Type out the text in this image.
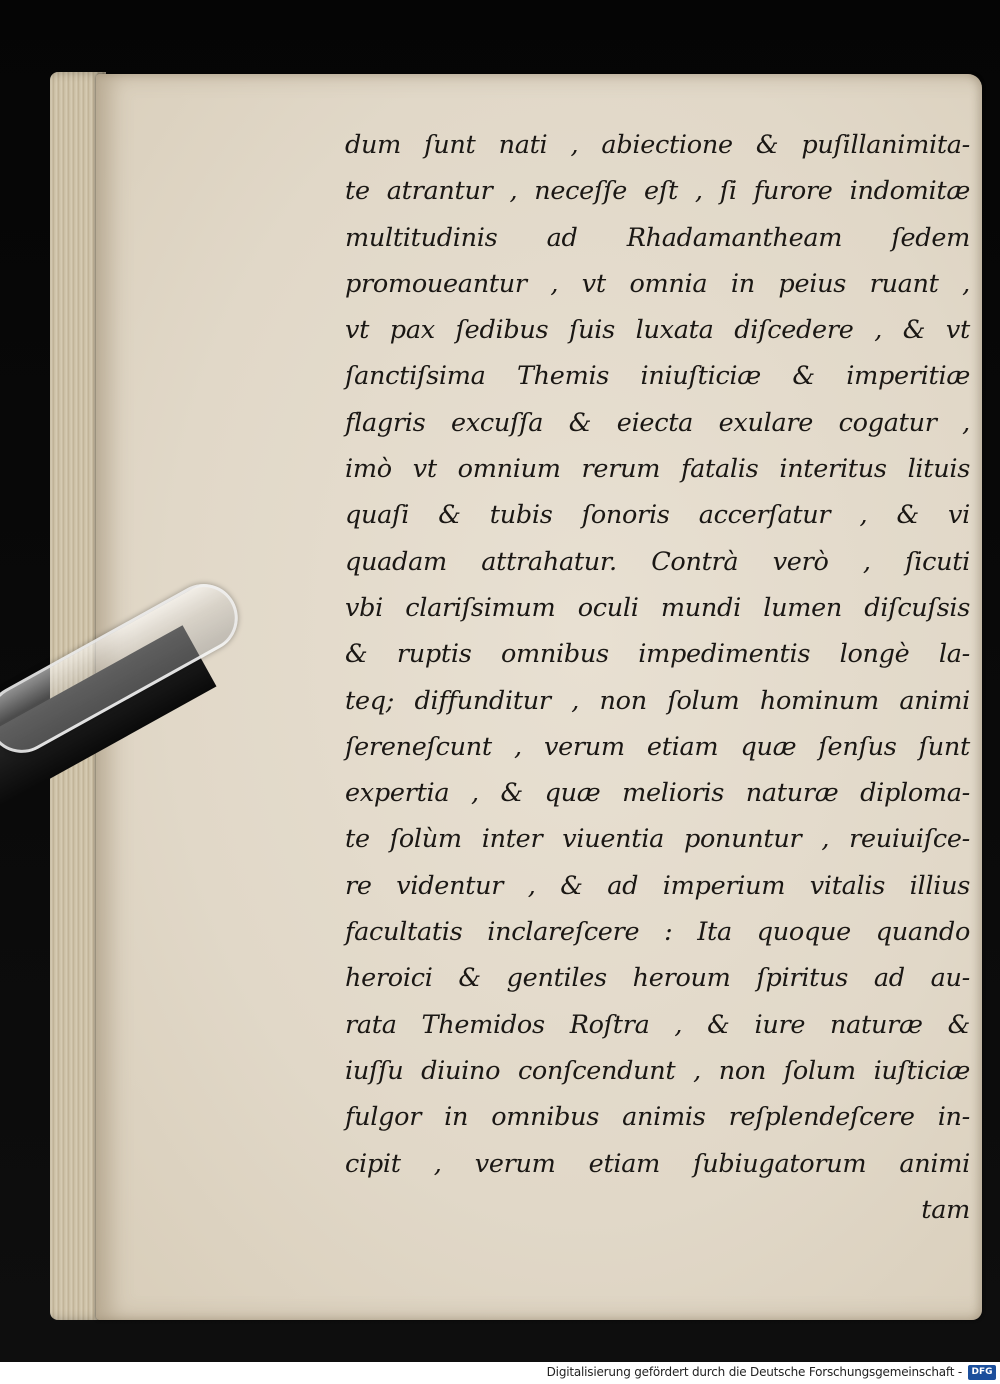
dum ſunt nati , abiectione & puſillanimita-
te atrantur , neceſſe eſt , ſi furore indomitæ
multitudinis ad Rhadamantheam ſedem
promoueantur , vt omnia in peius ruant ,
vt pax ſedibus ſuis luxata diſcedere , & vt
ſanctiſsima Themis iniuſticiæ & imperitiæ
flagris excuſſa & eiecta exulare cogatur ,
imò vt omnium rerum fatalis interitus lituis
quaſi & tubis ſonoris accerſatur , & vi
quadam attrahatur. Contrà verò , ſicuti
vbi clariſsimum oculi mundi lumen diſcuſsis
& ruptis omnibus impedimentis longè la-
teq; diffunditur , non ſolum hominum animi
ſereneſcunt , verum etiam quæ ſenſus ſunt
expertia , & quæ melioris naturæ diploma-
te ſolùm inter viuentia ponuntur , reuiuiſce-
re videntur , & ad imperium vitalis illius
facultatis inclareſcere : Ita quoque quando
heroici & gentiles heroum ſpiritus ad au-
rata Themidos Roſtra , & iure naturæ &
iuſſu diuino conſcendunt , non ſolum iuſticiæ
fulgor in omnibus animis reſplendeſcere in-
cipit , verum etiam ſubiugatorum animi
tam
Digitalisierung gefördert durch die Deutsche Forschungsgemeinschaft -	DFG
